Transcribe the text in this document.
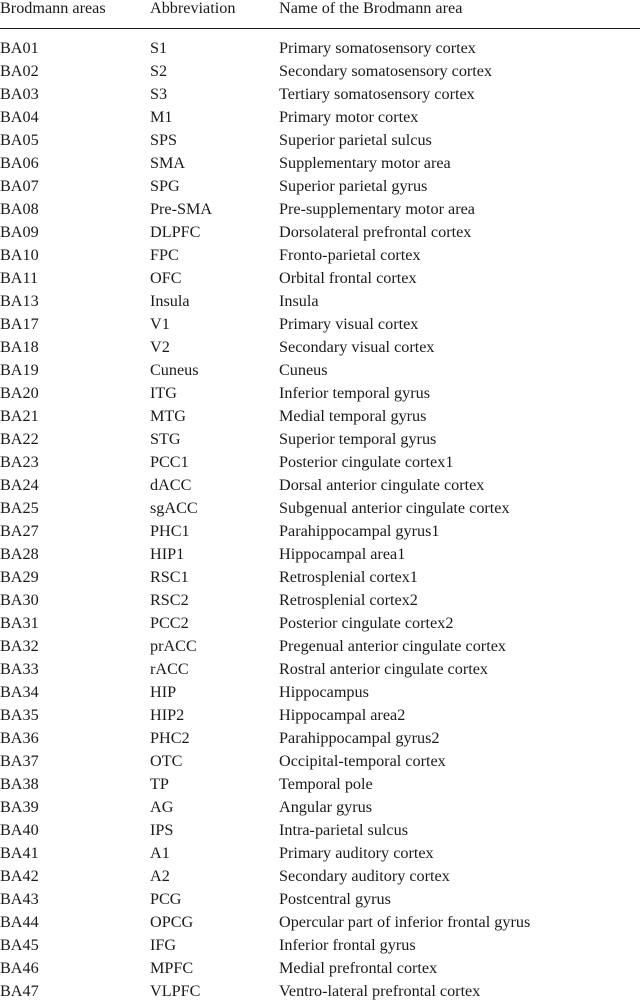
Brodmann areas	Abbreviation	Name of the Brodmann area
BA01	S1	Primary somatosensory cortex
BA02	S2	Secondary somatosensory cortex
BA03	S3	Tertiary somatosensory cortex
BA04	M1	Primary motor cortex
BA05	SPS	Superior parietal sulcus
BA06	SMA	Supplementary motor area
BA07	SPG	Superior parietal gyrus
BA08	Pre-SMA	Pre-supplementary motor area
BA09	DLPFC	Dorsolateral prefrontal cortex
BA10	FPC	Fronto-parietal cortex
BA11	OFC	Orbital frontal cortex
BA13	Insula	Insula
BA17	V1	Primary visual cortex
BA18	V2	Secondary visual cortex
BA19	Cuneus	Cuneus
BA20	ITG	Inferior temporal gyrus
BA21	MTG	Medial temporal gyrus
BA22	STG	Superior temporal gyrus
BA23	PCC1	Posterior cingulate cortex1
BA24	dACC	Dorsal anterior cingulate cortex
BA25	sgACC	Subgenual anterior cingulate cortex
BA27	PHC1	Parahippocampal gyrus1
BA28	HIP1	Hippocampal area1
BA29	RSC1	Retrosplenial cortex1
BA30	RSC2	Retrosplenial cortex2
BA31	PCC2	Posterior cingulate cortex2
BA32	prACC	Pregenual anterior cingulate cortex
BA33	rACC	Rostral anterior cingulate cortex
BA34	HIP	Hippocampus
BA35	HIP2	Hippocampal area2
BA36	PHC2	Parahippocampal gyrus2
BA37	OTC	Occipital-temporal cortex
BA38	TP	Temporal pole
BA39	AG	Angular gyrus
BA40	IPS	Intra-parietal sulcus
BA41	A1	Primary auditory cortex
BA42	A2	Secondary auditory cortex
BA43	PCG	Postcentral gyrus
BA44	OPCG	Opercular part of inferior frontal gyrus
BA45	IFG	Inferior frontal gyrus
BA46	MPFC	Medial prefrontal cortex
BA47	VLPFC	Ventro-lateral prefrontal cortex
